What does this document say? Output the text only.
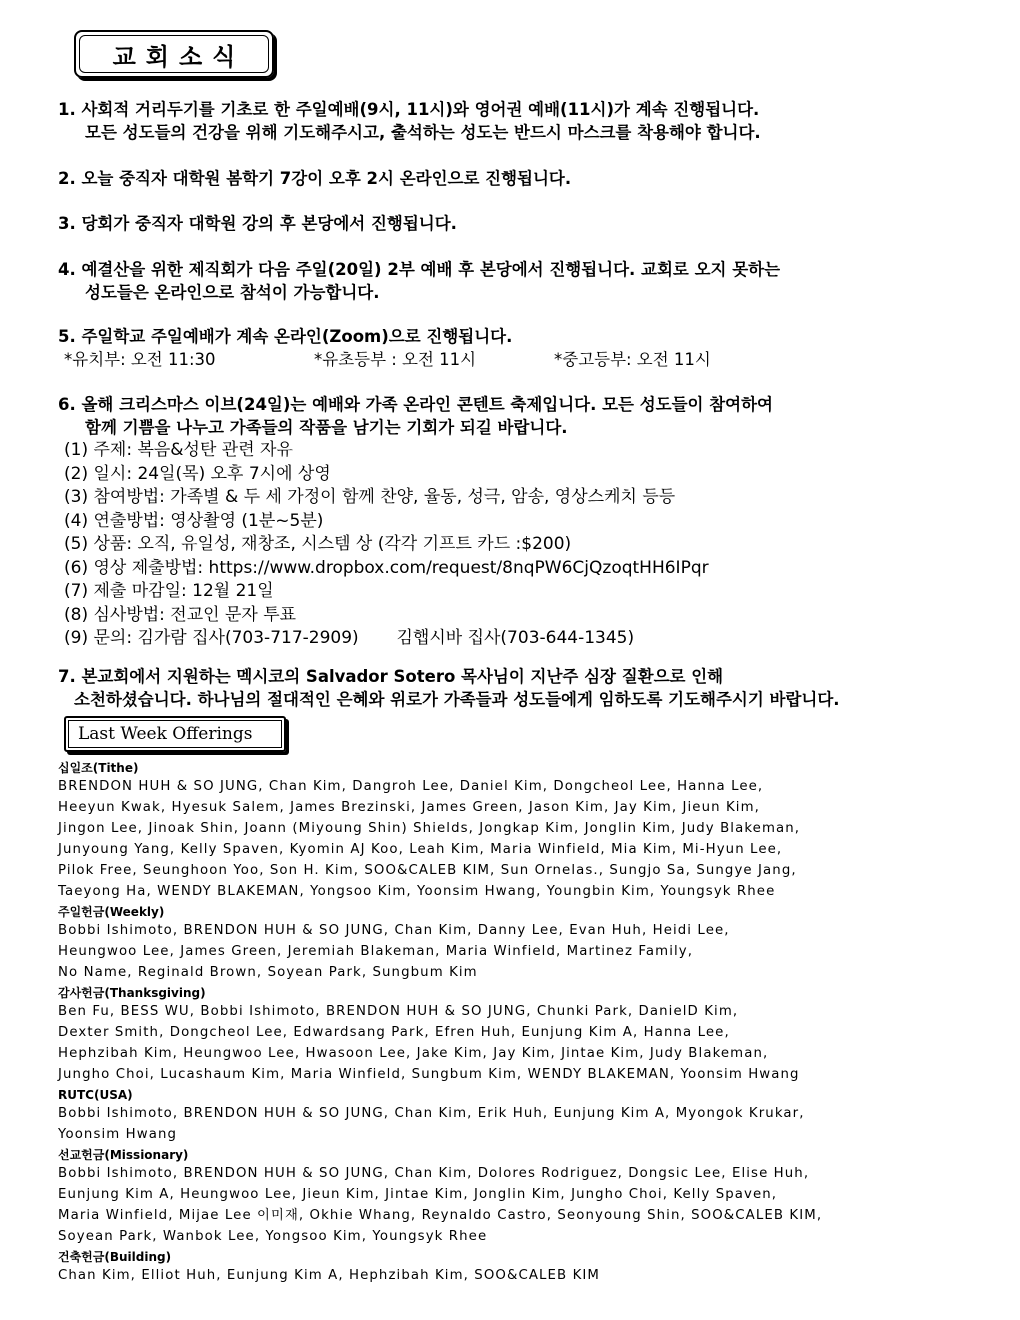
교회소식
1. 사회적 거리두기를 기초로 한 주일예배(9시, 11시)와 영어권 예배(11시)가 계속 진행됩니다.
모든 성도들의 건강을 위해 기도해주시고, 출석하는 성도는 반드시 마스크를 착용해야 합니다.
2. 오늘 중직자 대학원 봄학기 7강이 오후 2시 온라인으로 진행됩니다.
3. 당회가 중직자 대학원 강의 후 본당에서 진행됩니다.
4. 예결산을 위한 제직회가 다음 주일(20일) 2부 예배 후 본당에서 진행됩니다. 교회로 오지 못하는
성도들은 온라인으로 참석이 가능합니다.
5. 주일학교 주일예배가 계속 온라인(Zoom)으로 진행됩니다.
*유치부: 오전 11:30	*유초등부 : 오전 11시	*중고등부: 오전 11시
6. 올해 크리스마스 이브(24일)는 예배와 가족 온라인 콘텐트 축제입니다. 모든 성도들이 참여하여
함께 기쁨을 나누고 가족들의 작품을 남기는 기회가 되길 바랍니다.
(1) 주제: 복음&성탄 관련 자유
(2) 일시: 24일(목) 오후 7시에 상영
(3) 참여방법: 가족별 & 두 세 가정이 함께 찬양, 율동, 성극, 암송, 영상스케치 등등
(4) 연출방법: 영상촬영 (1분~5분)
(5) 상품: 오직, 유일성, 재창조, 시스템 상 (각각 기프트 카드 :$200)
(6) 영상 제출방법: https://www.dropbox.com/request/8nqPW6CjQzoqtHH6IPqr
(7) 제출 마감일: 12월 21일
(8) 심사방법: 전교인 문자 투표
(9) 문의: 김가람 집사(703-717-2909)       김햅시바 집사(703-644-1345)
7. 본교회에서 지원하는 멕시코의 Salvador Sotero 목사님이 지난주 심장 질환으로 인해
소천하셨습니다. 하나님의 절대적인 은혜와 위로가 가족들과 성도들에게 임하도록 기도해주시기 바랍니다.
Last Week Offerings
십일조(Tithe)
BRENDON HUH & SO JUNG, Chan Kim, Dangroh Lee, Daniel Kim, Dongcheol Lee, Hanna Lee,
Heeyun Kwak, Hyesuk Salem, James Brezinski, James Green, Jason Kim, Jay Kim, Jieun Kim,
Jingon Lee, Jinoak Shin, Joann (Miyoung Shin) Shields, Jongkap Kim, Jonglin Kim, Judy Blakeman,
Junyoung Yang, Kelly Spaven, Kyomin AJ Koo, Leah Kim, Maria Winfield, Mia Kim, Mi-Hyun Lee,
Pilok Free, Seunghoon Yoo, Son H. Kim, SOO&CALEB KIM, Sun Ornelas., Sungjo Sa, Sungye Jang,
Taeyong Ha, WENDY BLAKEMAN, Yongsoo Kim, Yoonsim Hwang, Youngbin Kim, Youngsyk Rhee
주일헌금(Weekly)
Bobbi Ishimoto, BRENDON HUH & SO JUNG, Chan Kim, Danny Lee, Evan Huh, Heidi Lee,
Heungwoo Lee, James Green, Jeremiah Blakeman, Maria Winfield, Martinez Family,
No Name, Reginald Brown, Soyean Park, Sungbum Kim
감사헌금(Thanksgiving)
Ben Fu, BESS WU, Bobbi Ishimoto, BRENDON HUH & SO JUNG, Chunki Park, DanielD Kim,
Dexter Smith, Dongcheol Lee, Edwardsang Park, Efren Huh, Eunjung Kim A, Hanna Lee,
Hephzibah Kim, Heungwoo Lee, Hwasoon Lee, Jake Kim, Jay Kim, Jintae Kim, Judy Blakeman,
Jungho Choi, Lucashaum Kim, Maria Winfield, Sungbum Kim, WENDY BLAKEMAN, Yoonsim Hwang
RUTC(USA)
Bobbi Ishimoto, BRENDON HUH & SO JUNG, Chan Kim, Erik Huh, Eunjung Kim A, Myongok Krukar,
Yoonsim Hwang
선교헌금(Missionary)
Bobbi Ishimoto, BRENDON HUH & SO JUNG, Chan Kim, Dolores Rodriguez, Dongsic Lee, Elise Huh,
Eunjung Kim A, Heungwoo Lee, Jieun Kim, Jintae Kim, Jonglin Kim, Jungho Choi, Kelly Spaven,
Maria Winfield, Mijae Lee 이미재, Okhie Whang, Reynaldo Castro, Seonyoung Shin, SOO&CALEB KIM,
Soyean Park, Wanbok Lee, Yongsoo Kim, Youngsyk Rhee
건축헌금(Building)
Chan Kim, Elliot Huh, Eunjung Kim A, Hephzibah Kim, SOO&CALEB KIM
